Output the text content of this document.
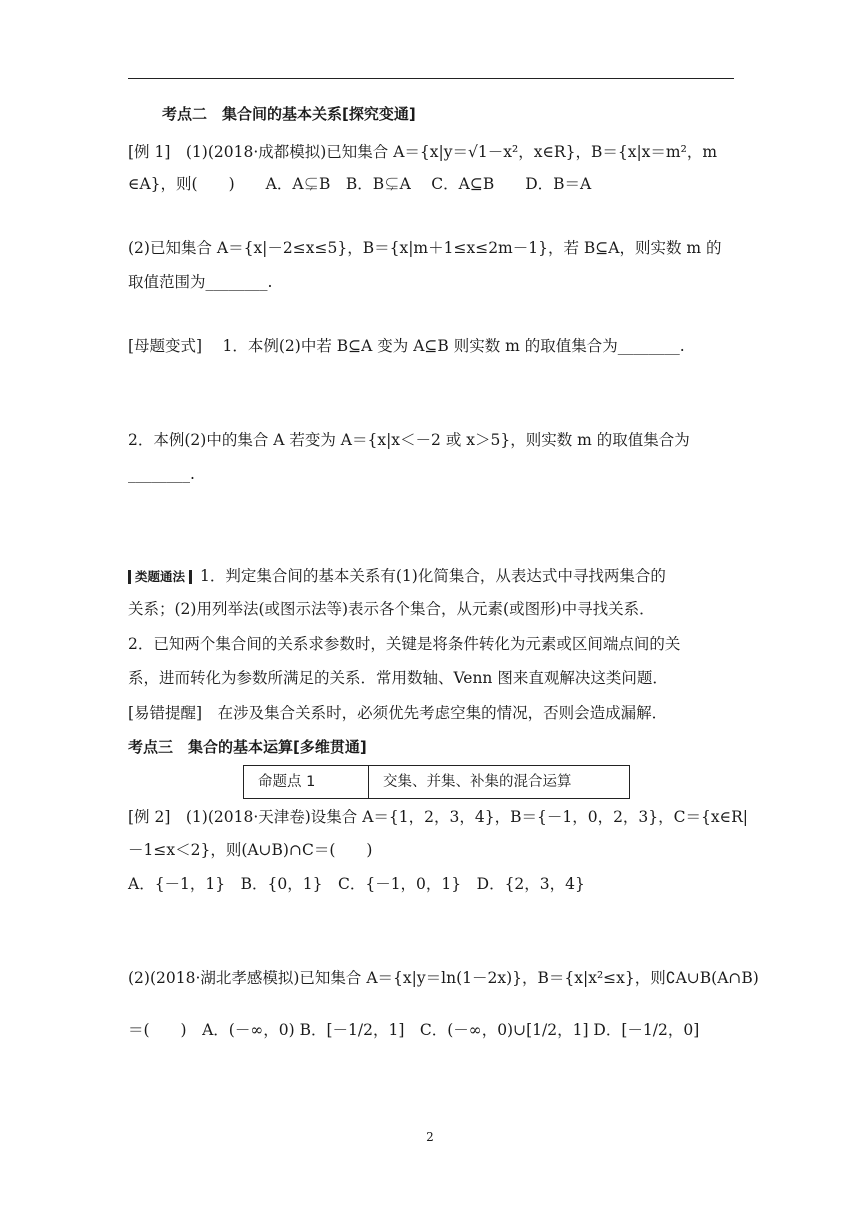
考点二　集合间的基本关系[探究变通]
[例 1]　(1)(2018·成都模拟)已知集合 A＝{x|y＝√1－x²，x∈R}，B＝{x|x＝m²，m
∈A}，则(　　)　　A．A⊊B　B．B⊊A　 C．A⊆B　　D．B＝A
(2)已知集合 A＝{x|－2≤x≤5}，B＝{x|m＋1≤x≤2m－1}，若 B⊆A，则实数 m 的
取值范围为________.
[母题变式]　 1．本例(2)中若 B⊆A 变为 A⊆B 则实数 m 的取值集合为________.
2．本例(2)中的集合 A 若变为 A＝{x|x＜－2 或 x＞5}，则实数 m 的取值集合为
________.
类题通法 1．判定集合间的基本关系有(1)化简集合，从表达式中寻找两集合的
关系；(2)用列举法(或图示法等)表示各个集合，从元素(或图形)中寻找关系．
2．已知两个集合间的关系求参数时，关键是将条件转化为元素或区间端点间的关
系，进而转化为参数所满足的关系．常用数轴、Venn 图来直观解决这类问题．
[易错提醒]　在涉及集合关系时，必须优先考虑空集的情况，否则会造成漏解．
考点三　集合的基本运算[多维贯通]
命题点 1	交集、并集、补集的混合运算
[例 2]　(1)(2018·天津卷)设集合 A＝{1，2，3，4}，B＝{－1，0，2，3}，C＝{x∈R|
－1≤x＜2}，则(A∪B)∩C＝(　　)
A．{－1，1}　B．{0，1}　C．{－1，0，1}　D．{2，3，4}
(2)(2018·湖北孝感模拟)已知集合 A＝{x|y＝ln(1－2x)}，B＝{x|x²≤x}，则∁A∪B(A∩B)
＝(　　)　A．(－∞，0) B．[－1/2，1]　C．(－∞，0)∪[1/2，1] D．[－1/2，0]
2
